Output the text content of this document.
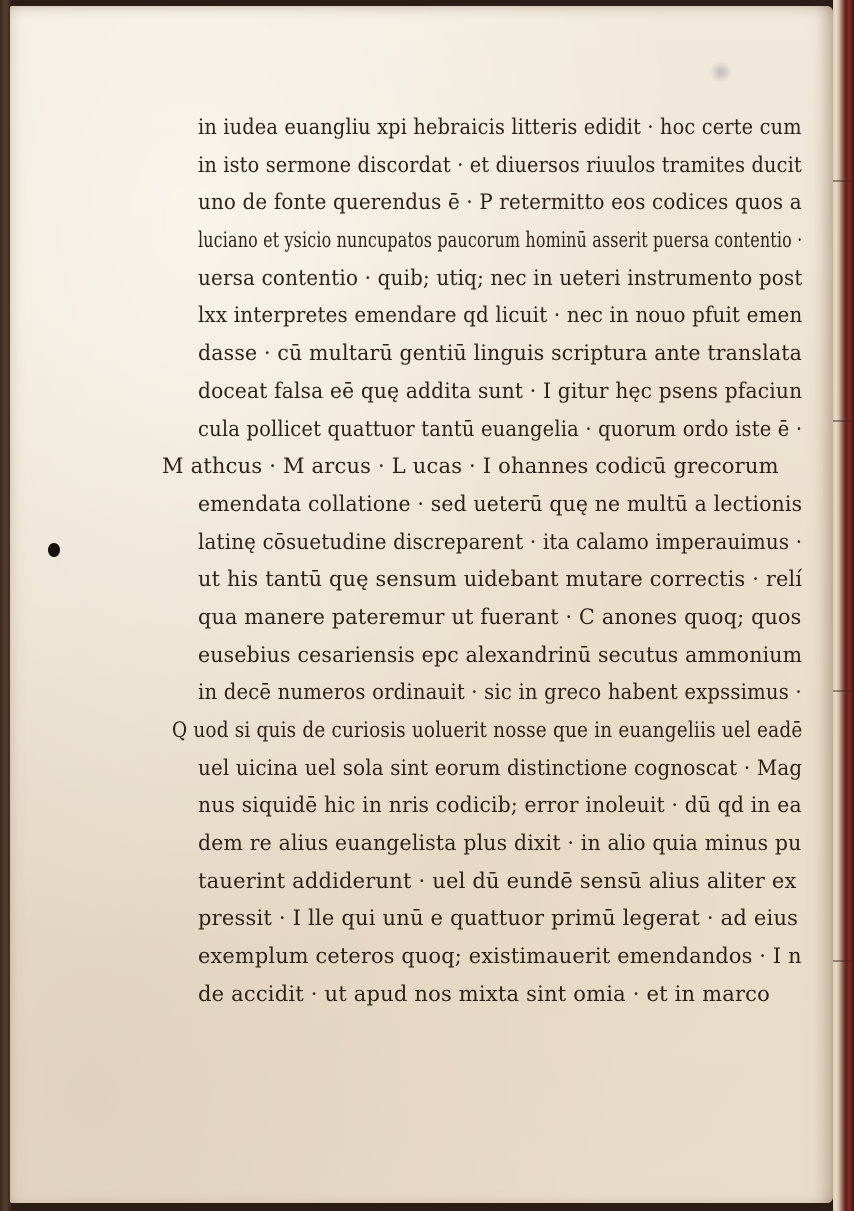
in iudea euangliu xpi hebraicis litteris edidit · hoc certe cum
in isto sermone discordat · et diuersos riuulos tramites ducit
uno de fonte querendus ē · P retermitto eos codices quos a
luciano et ysicio nuncupatos paucorum hominū asserit puersa contentio ·
uersa contentio · quib; utiq; nec in ueteri instrumento post
lxx interpretes emendare qd licuit · nec in nouo pfuit emen
dasse · cū multarū gentiū linguis scriptura ante translata
doceat falsa eē quę addita sunt · I gitur hęc psens pfaciun
cula pollicet quattuor tantū euangelia · quorum ordo iste ē ·
M athcus · M arcus · L ucas · I ohannes codicū grecorum
emendata collatione · sed ueterū quę ne multū a lectionis
latinę cōsuetudine discreparent · ita calamo imperauimus ·
ut his tantū quę sensum uidebant mutare correctis · relí
qua manere pateremur ut fuerant · C anones quoq; quos
eusebius cesariensis epc alexandrinū secutus ammonium
in decē numeros ordinauit · sic in greco habent expssimus ·
Q uod si quis de curiosis uoluerit nosse que in euangeliis uel eadē
uel uicina uel sola sint eorum distinctione cognoscat · Mag
nus siquidē hic in nris codicib; error inoleuit · dū qd in ea
dem re alius euangelista plus dixit · in alio quia minus pu
tauerint addiderunt · uel dū eundē sensū alius aliter ex
pressit · I lle qui unū e quattuor primū legerat · ad eius
exemplum ceteros quoq; existimauerit emendandos · I n
de accidit · ut apud nos mixta sint omia · et in marco
